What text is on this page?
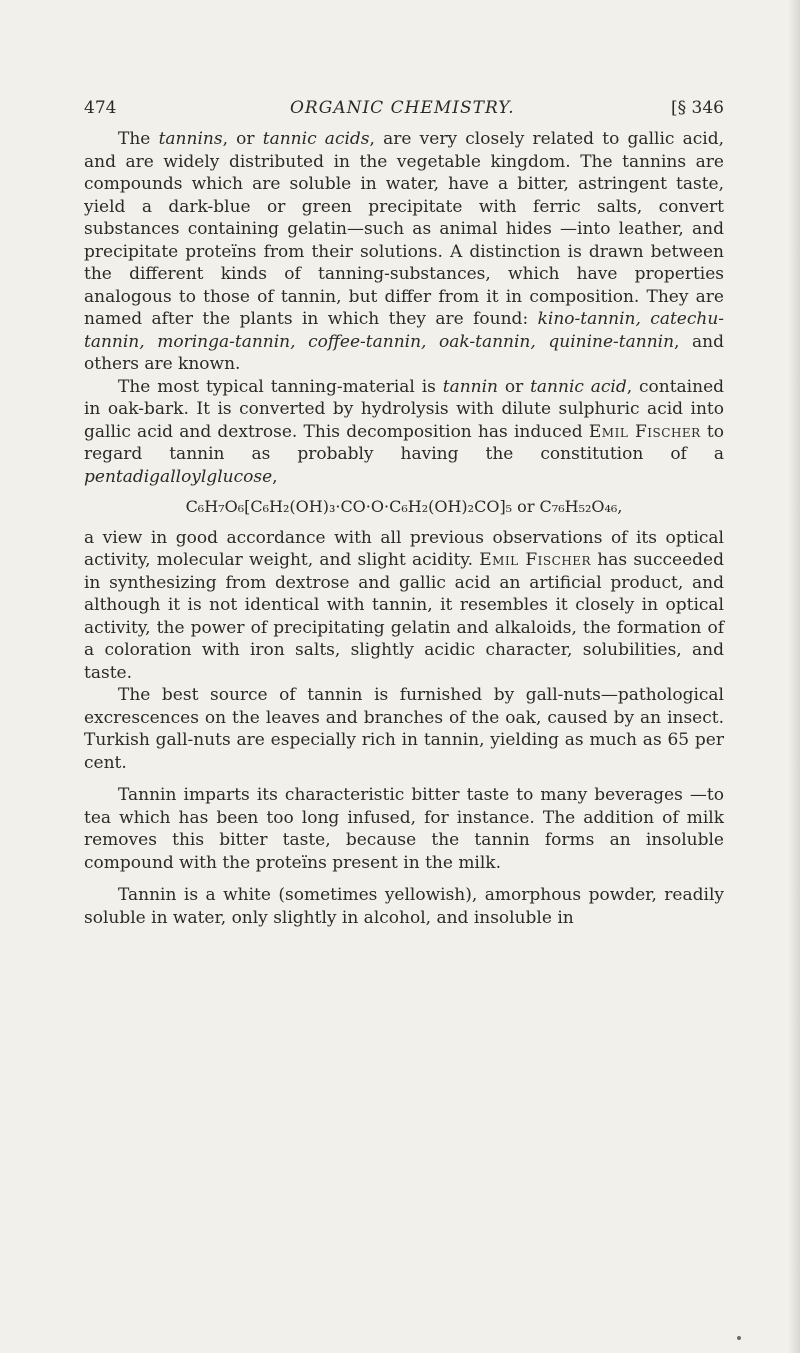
474	ORGANIC CHEMISTRY.	[§ 346

The tannins, or tannic acids, are very closely related to gallic acid, and are widely distributed in the vegetable kingdom. The tannins are compounds which are soluble in water, have a bitter, astringent taste, yield a dark-blue or green precipitate with ferric salts, convert substances containing gelatin—such as animal hides —into leather, and precipitate proteïns from their solutions. A distinction is drawn between the different kinds of tanning-substances, which have properties analogous to those of tannin, but differ from it in composition. They are named after the plants in which they are found: kino-tannin, catechu-tannin, moringa-tannin, coffee-tannin, oak-tannin, quinine-tannin, and others are known.

The most typical tanning-material is tannin or tannic acid, contained in oak-bark. It is converted by hydrolysis with dilute sulphuric acid into gallic acid and dextrose. This decomposition has induced Emil Fischer to regard tannin as probably having the constitution of a pentadigalloylglucose,

C₆H₇O₆[C₆H₂(OH)₃·CO·O·C₆H₂(OH)₂CO]₅ or C₇₆H₅₂O₄₆,

a view in good accordance with all previous observations of its optical activity, molecular weight, and slight acidity. Emil Fischer has succeeded in synthesizing from dextrose and gallic acid an artificial product, and although it is not identical with tannin, it resembles it closely in optical activity, the power of precipitating gelatin and alkaloids, the formation of a coloration with iron salts, slightly acidic character, solubilities, and taste.

The best source of tannin is furnished by gall-nuts—pathological excrescences on the leaves and branches of the oak, caused by an insect. Turkish gall-nuts are especially rich in tannin, yielding as much as 65 per cent.

Tannin imparts its characteristic bitter taste to many beverages —to tea which has been too long infused, for instance. The addition of milk removes this bitter taste, because the tannin forms an insoluble compound with the proteïns present in the milk.

Tannin is a white (sometimes yellowish), amorphous powder, readily soluble in water, only slightly in alcohol, and insoluble in
